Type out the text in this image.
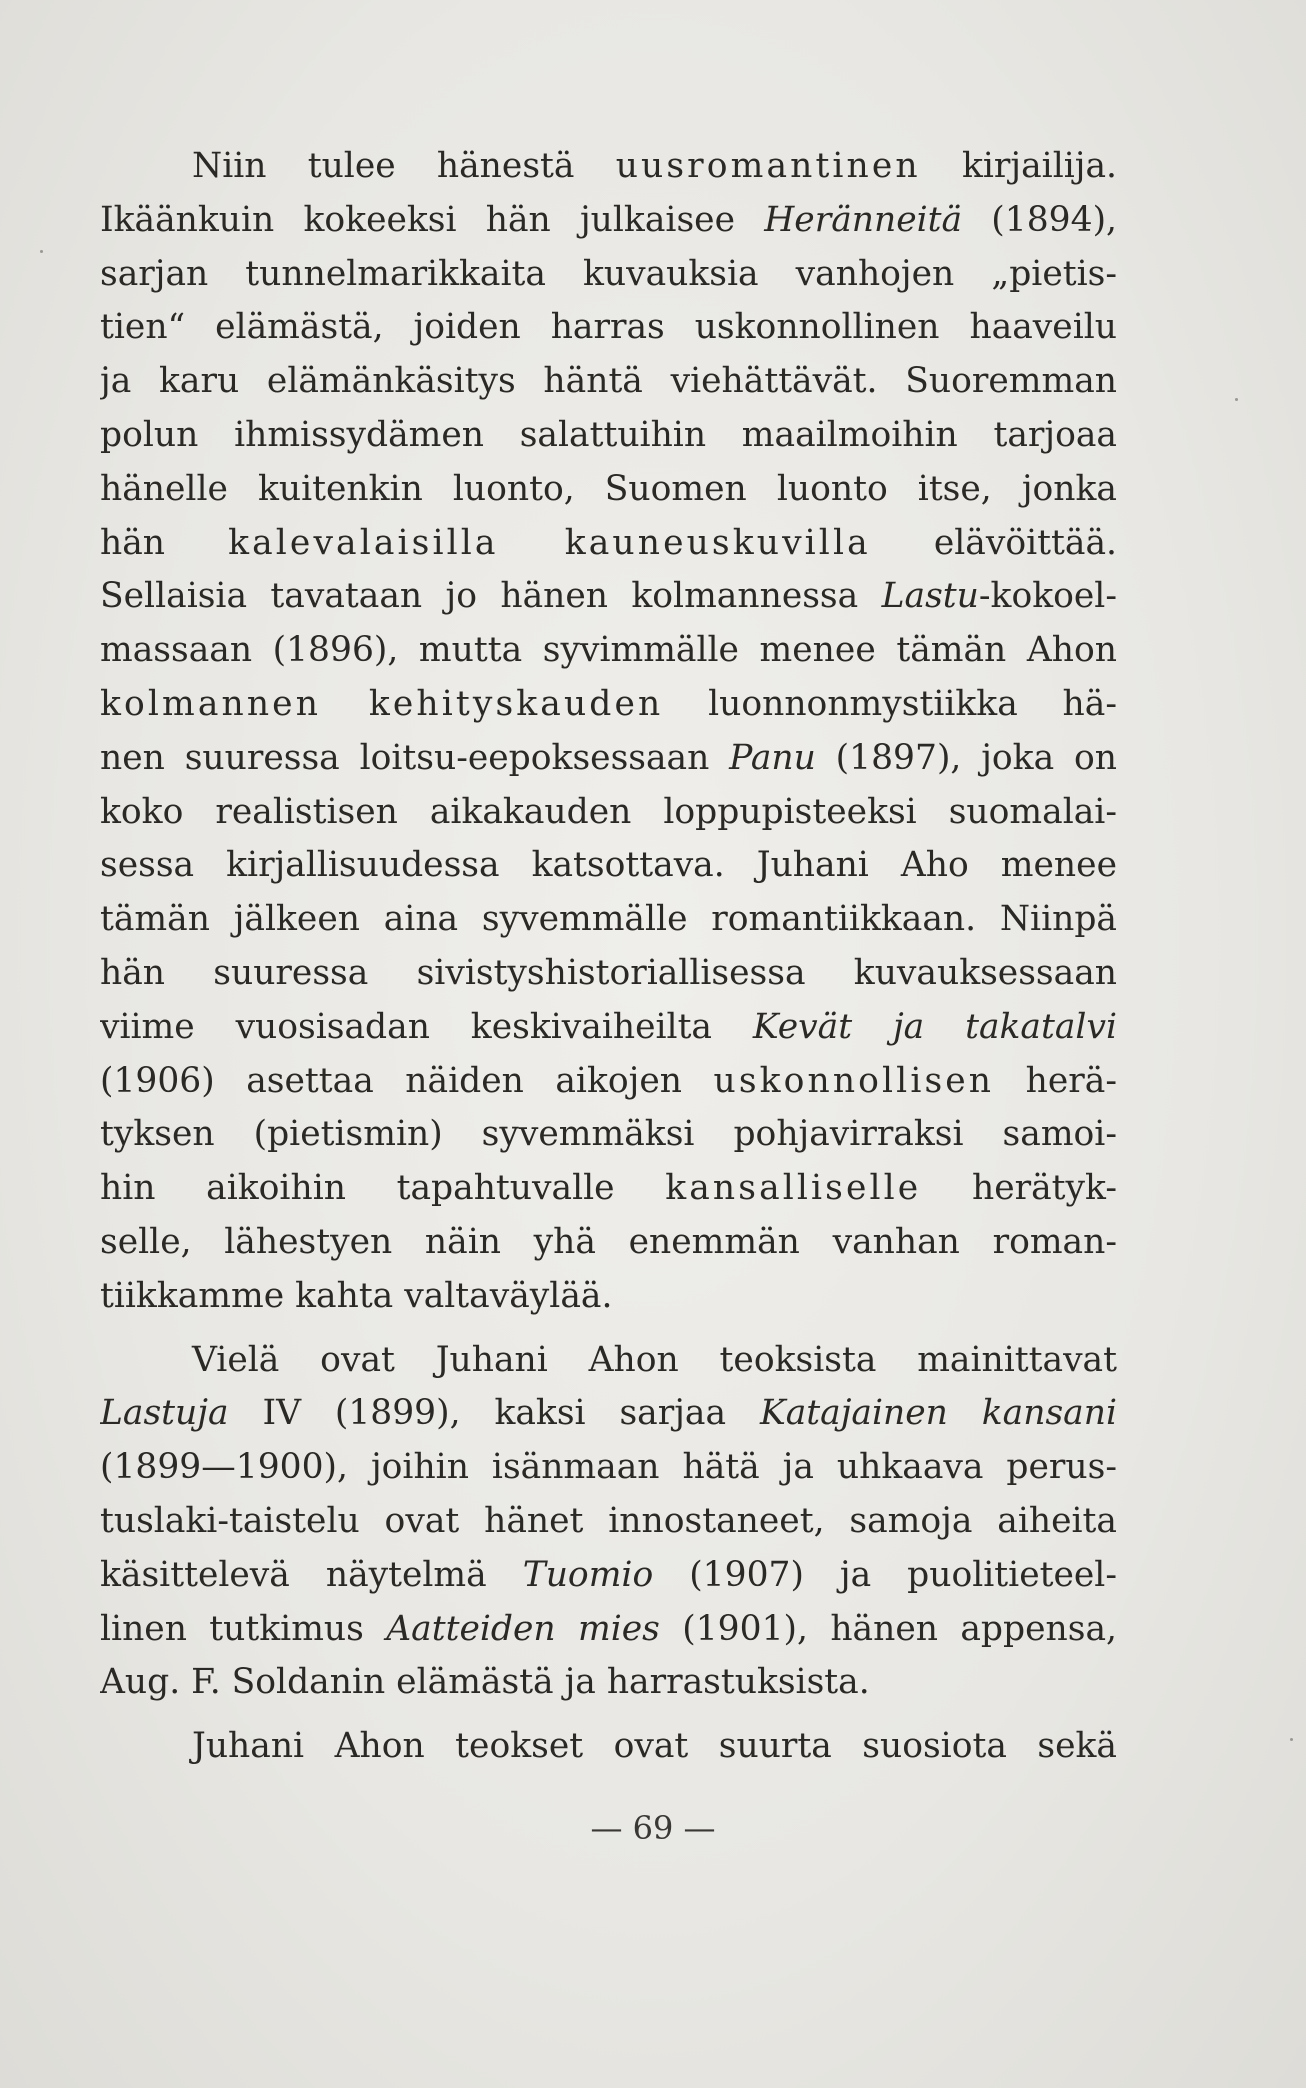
Niin tulee hänestä uusromantinen kirjailija.
Ikäänkuin kokeeksi hän julkaisee Heränneitä (1894),
sarjan tunnelmarikkaita kuvauksia vanhojen „pietis-
tien“ elämästä, joiden harras uskonnollinen haaveilu
ja karu elämänkäsitys häntä viehättävät. Suoremman
polun ihmissydämen salattuihin maailmoihin tarjoaa
hänelle kuitenkin luonto, Suomen luonto itse, jonka
hän kalevalaisilla kauneuskuvilla elävöittää.
Sellaisia tavataan jo hänen kolmannessa Lastu-kokoel-
massaan (1896), mutta syvimmälle menee tämän Ahon
kolmannen kehityskauden luonnonmystiikka hä-
nen suuressa loitsu-eepoksessaan Panu (1897), joka on
koko realistisen aikakauden loppupisteeksi suomalai-
sessa kirjallisuudessa katsottava. Juhani Aho menee
tämän jälkeen aina syvemmälle romantiikkaan. Niinpä
hän suuressa sivistyshistoriallisessa kuvauksessaan
viime vuosisadan keskivaiheilta Kevät ja takatalvi
(1906) asettaa näiden aikojen uskonnollisen herä-
tyksen (pietismin) syvemmäksi pohjavirraksi samoi-
hin aikoihin tapahtuvalle kansalliselle herätyk-
selle, lähestyen näin yhä enemmän vanhan roman-
tiikkamme kahta valtaväylää.
Vielä ovat Juhani Ahon teoksista mainittavat
Lastuja IV (1899), kaksi sarjaa Katajainen kansani
(1899—1900), joihin isänmaan hätä ja uhkaava perus-
tuslaki-taistelu ovat hänet innostaneet, samoja aiheita
käsittelevä näytelmä Tuomio (1907) ja puolitieteel-
linen tutkimus Aatteiden mies (1901), hänen appensa,
Aug. F. Soldanin elämästä ja harrastuksista.
Juhani Ahon teokset ovat suurta suosiota sekä
— 69 —
